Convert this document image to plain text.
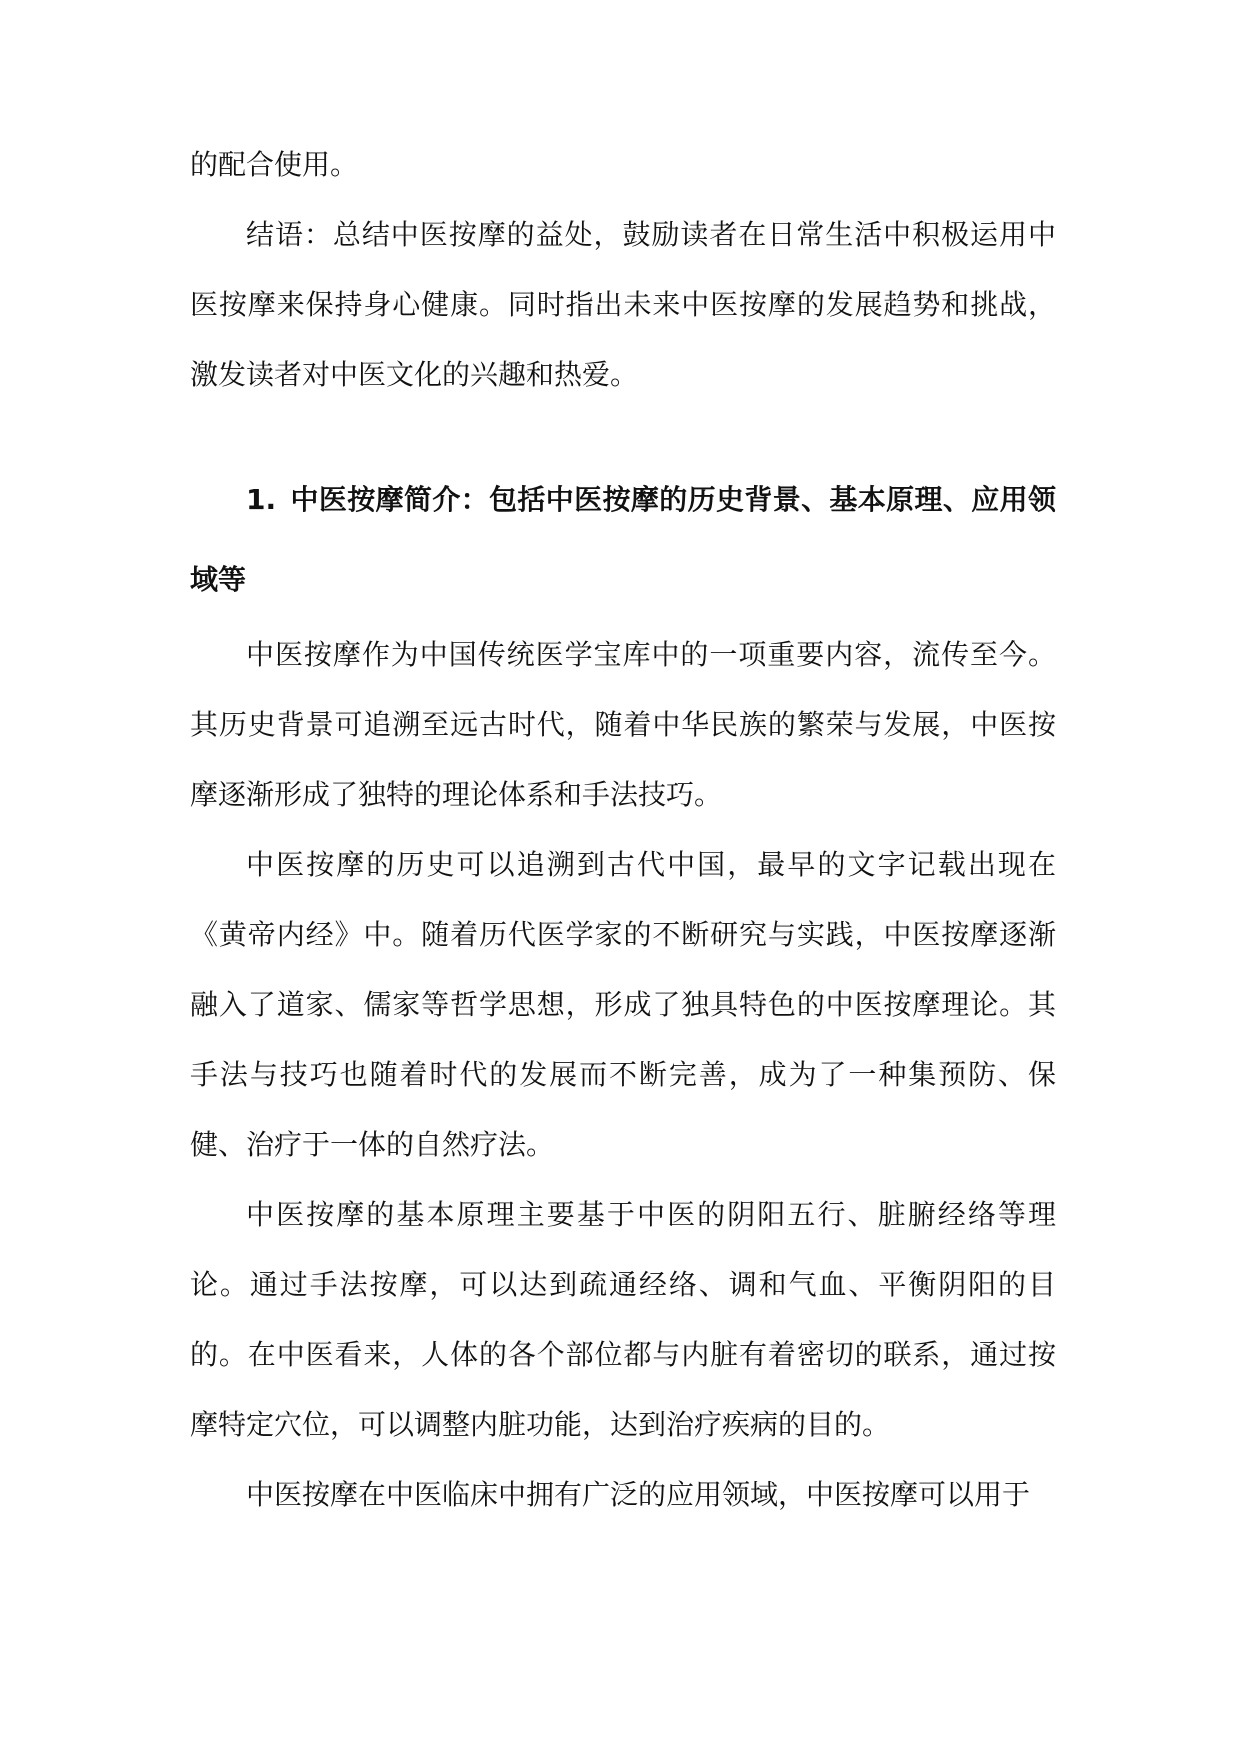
的配合使用。

结语：总结中医按摩的益处，鼓励读者在日常生活中积极运用中医按摩来保持身心健康。同时指出未来中医按摩的发展趋势和挑战，激发读者对中医文化的兴趣和热爱。

1. 中医按摩简介：包括中医按摩的历史背景、基本原理、应用领域等

中医按摩作为中国传统医学宝库中的一项重要内容，流传至今。其历史背景可追溯至远古时代，随着中华民族的繁荣与发展，中医按摩逐渐形成了独特的理论体系和手法技巧。

中医按摩的历史可以追溯到古代中国，最早的文字记载出现在《黄帝内经》中。随着历代医学家的不断研究与实践，中医按摩逐渐融入了道家、儒家等哲学思想，形成了独具特色的中医按摩理论。其手法与技巧也随着时代的发展而不断完善，成为了一种集预防、保健、治疗于一体的自然疗法。

中医按摩的基本原理主要基于中医的阴阳五行、脏腑经络等理论。通过手法按摩，可以达到疏通经络、调和气血、平衡阴阳的目的。在中医看来，人体的各个部位都与内脏有着密切的联系，通过按摩特定穴位，可以调整内脏功能，达到治疗疾病的目的。

中医按摩在中医临床中拥有广泛的应用领域，中医按摩可以用于
